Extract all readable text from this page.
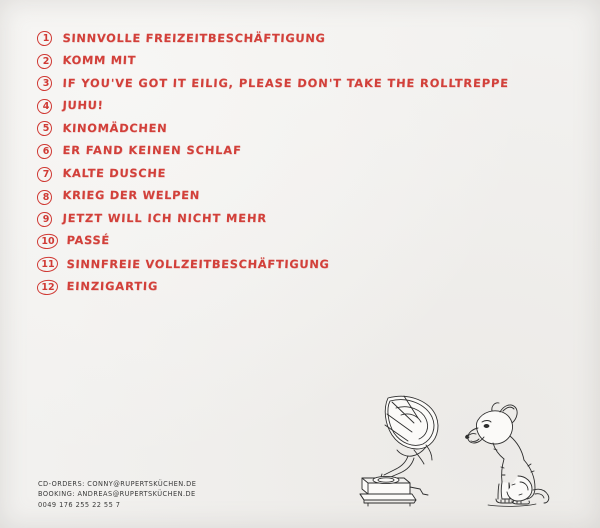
1	SINNVOLLE FREIZEITBESCHÄFTIGUNG
2	KOMM MIT
3	IF YOU'VE GOT IT EILIG, PLEASE DON'T TAKE THE ROLLTREPPE
4	JUHU!
5	KINOMÄDCHEN
6	ER FAND KEINEN SCHLAF
7	KALTE DUSCHE
8	KRIEG DER WELPEN
9	JETZT WILL ICH NICHT MEHR
10	PASSÉ
11	SINNFREIE VOLLZEITBESCHÄFTIGUNG
12	EINZIGARTIG
CD-ORDERS: CONNY@RUPERTSKÜCHEN.DE
BOOKING: ANDREAS@RUPERTSKÜCHEN.DE
0049 176 255 22 55 7
